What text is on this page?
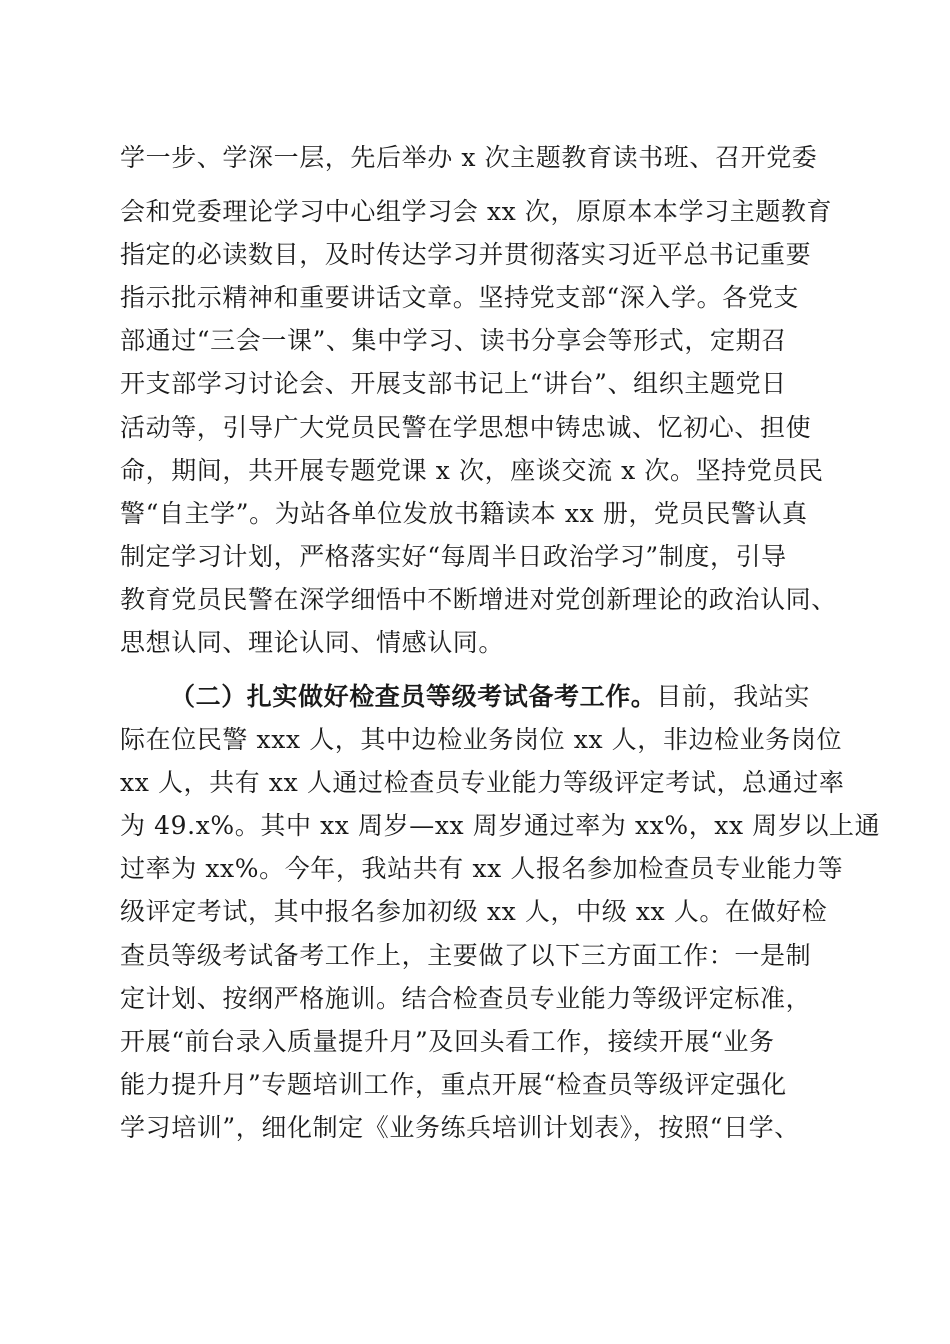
学一步、学深一层，先后举办 x 次主题教育读书班、召开党委
会和党委理论学习中心组学习会 xx 次，原原本本学习主题教育
指定的必读数目，及时传达学习并贯彻落实习近平总书记重要
指示批示精神和重要讲话文章。坚持党支部“深入学。各党支
部通过“三会一课”、集中学习、读书分享会等形式，定期召
开支部学习讨论会、开展支部书记上“讲台”、组织主题党日
活动等，引导广大党员民警在学思想中铸忠诚、忆初心、担使
命，期间，共开展专题党课 x 次，座谈交流 x 次。坚持党员民
警“自主学”。为站各单位发放书籍读本 xx 册，党员民警认真
制定学习计划，严格落实好“每周半日政治学习”制度，引导
教育党员民警在深学细悟中不断增进对党创新理论的政治认同、
思想认同、理论认同、情感认同。
（二）扎实做好检查员等级考试备考工作。目前，我站实
际在位民警 xxx 人，其中边检业务岗位 xx 人，非边检业务岗位
xx 人，共有 xx 人通过检查员专业能力等级评定考试，总通过率
为 49.x%。其中 xx 周岁—xx 周岁通过率为 xx%，xx 周岁以上通
过率为 xx%。今年，我站共有 xx 人报名参加检查员专业能力等
级评定考试，其中报名参加初级 xx 人，中级 xx 人。在做好检
查员等级考试备考工作上，主要做了以下三方面工作：一是制
定计划、按纲严格施训。结合检查员专业能力等级评定标准，
开展“前台录入质量提升月”及回头看工作，接续开展“业务
能力提升月”专题培训工作，重点开展“检查员等级评定强化
学习培训”，细化制定《业务练兵培训计划表》，按照“日学、
